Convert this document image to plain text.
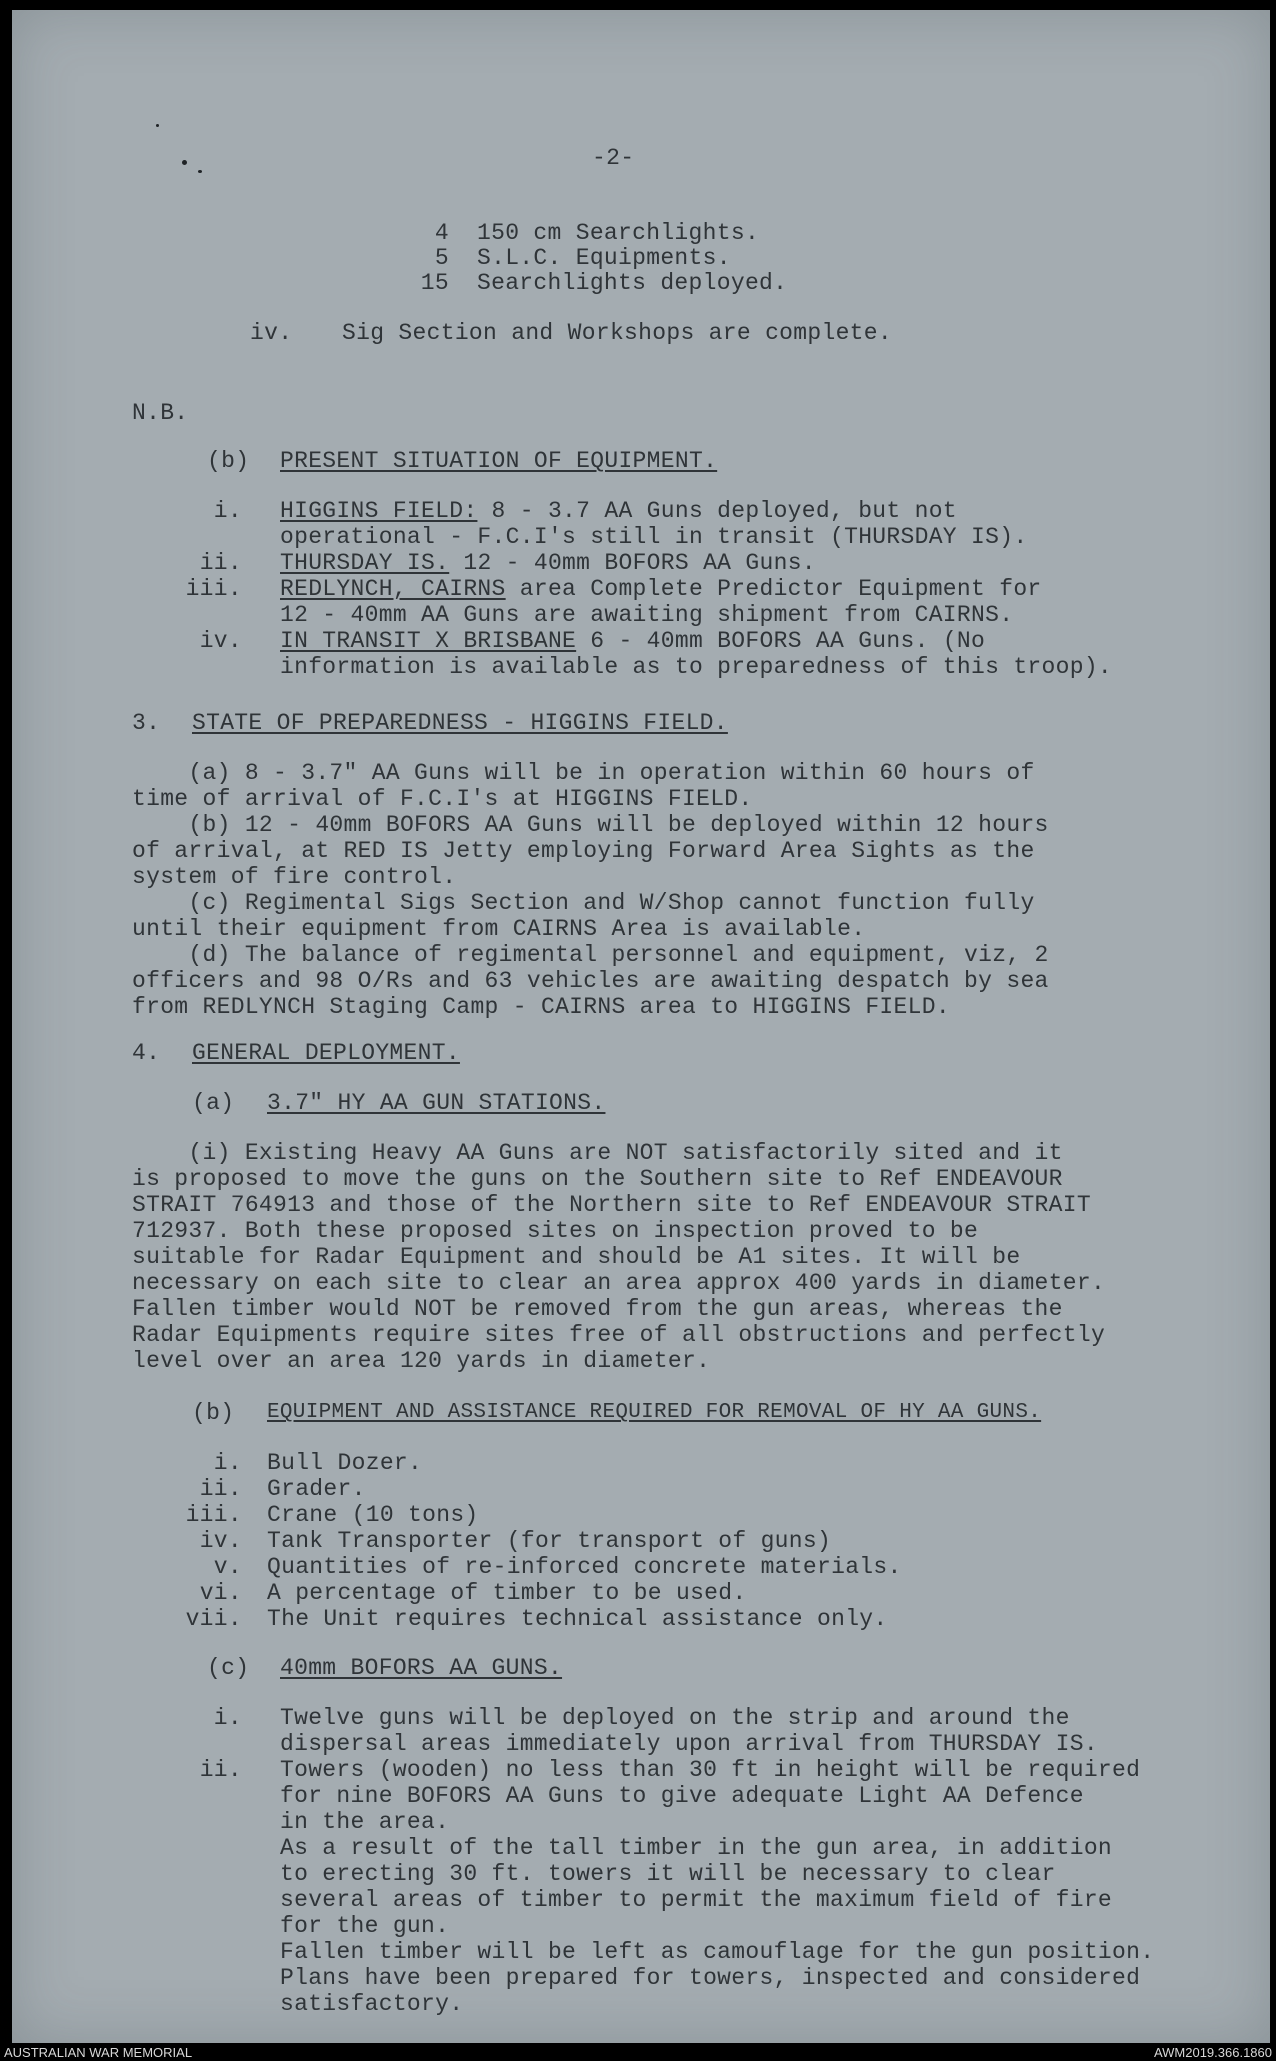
-2-
4 150 cm Searchlights.
5 S.L.C. Equipments.
15 Searchlights deployed.
iv. Sig Section and Workshops are complete.
N.B.
(b) PRESENT SITUATION OF EQUIPMENT.
i. HIGGINS FIELD: 8 - 3.7 AA Guns deployed, but not
operational - F.C.I's still in transit (THURSDAY IS).
ii. THURSDAY IS. 12 - 40mm BOFORS AA Guns.
iii. REDLYNCH, CAIRNS area Complete Predictor Equipment for
12 - 40mm AA Guns are awaiting shipment from CAIRNS.
iv. IN TRANSIT X BRISBANE 6 - 40mm BOFORS AA Guns. (No
information is available as to preparedness of this troop).
3. STATE OF PREPAREDNESS - HIGGINS FIELD.
(a) 8 - 3.7" AA Guns will be in operation within 60 hours of
time of arrival of F.C.I's at HIGGINS FIELD.
(b) 12 - 40mm BOFORS AA Guns will be deployed within 12 hours
of arrival, at RED IS Jetty employing Forward Area Sights as the
system of fire control.
(c) Regimental Sigs Section and W/Shop cannot function fully
until their equipment from CAIRNS Area is available.
(d) The balance of regimental personnel and equipment, viz, 2
officers and 98 O/Rs and 63 vehicles are awaiting despatch by sea
from REDLYNCH Staging Camp - CAIRNS area to HIGGINS FIELD.
4. GENERAL DEPLOYMENT.
(a) 3.7" HY AA GUN STATIONS.
(i) Existing Heavy AA Guns are NOT satisfactorily sited and it
is proposed to move the guns on the Southern site to Ref ENDEAVOUR
STRAIT 764913 and those of the Northern site to Ref ENDEAVOUR STRAIT
712937. Both these proposed sites on inspection proved to be
suitable for Radar Equipment and should be A1 sites. It will be
necessary on each site to clear an area approx 400 yards in diameter.
Fallen timber would NOT be removed from the gun areas, whereas the
Radar Equipments require sites free of all obstructions and perfectly
level over an area 120 yards in diameter.
(b) EQUIPMENT AND ASSISTANCE REQUIRED FOR REMOVAL OF HY AA GUNS.
i. Bull Dozer.
ii. Grader.
iii. Crane (10 tons)
iv. Tank Transporter (for transport of guns)
v. Quantities of re-inforced concrete materials.
vi. A percentage of timber to be used.
vii. The Unit requires technical assistance only.
(c) 40mm BOFORS AA GUNS.
i. Twelve guns will be deployed on the strip and around the
dispersal areas immediately upon arrival from THURSDAY IS.
ii. Towers (wooden) no less than 30 ft in height will be required
for nine BOFORS AA Guns to give adequate Light AA Defence
in the area.
As a result of the tall timber in the gun area, in addition
to erecting 30 ft. towers it will be necessary to clear
several areas of timber to permit the maximum field of fire
for the gun.
Fallen timber will be left as camouflage for the gun position.
Plans have been prepared for towers, inspected and considered
satisfactory.
AUSTRALIAN WAR MEMORIAL	AWM2019.366.1860
